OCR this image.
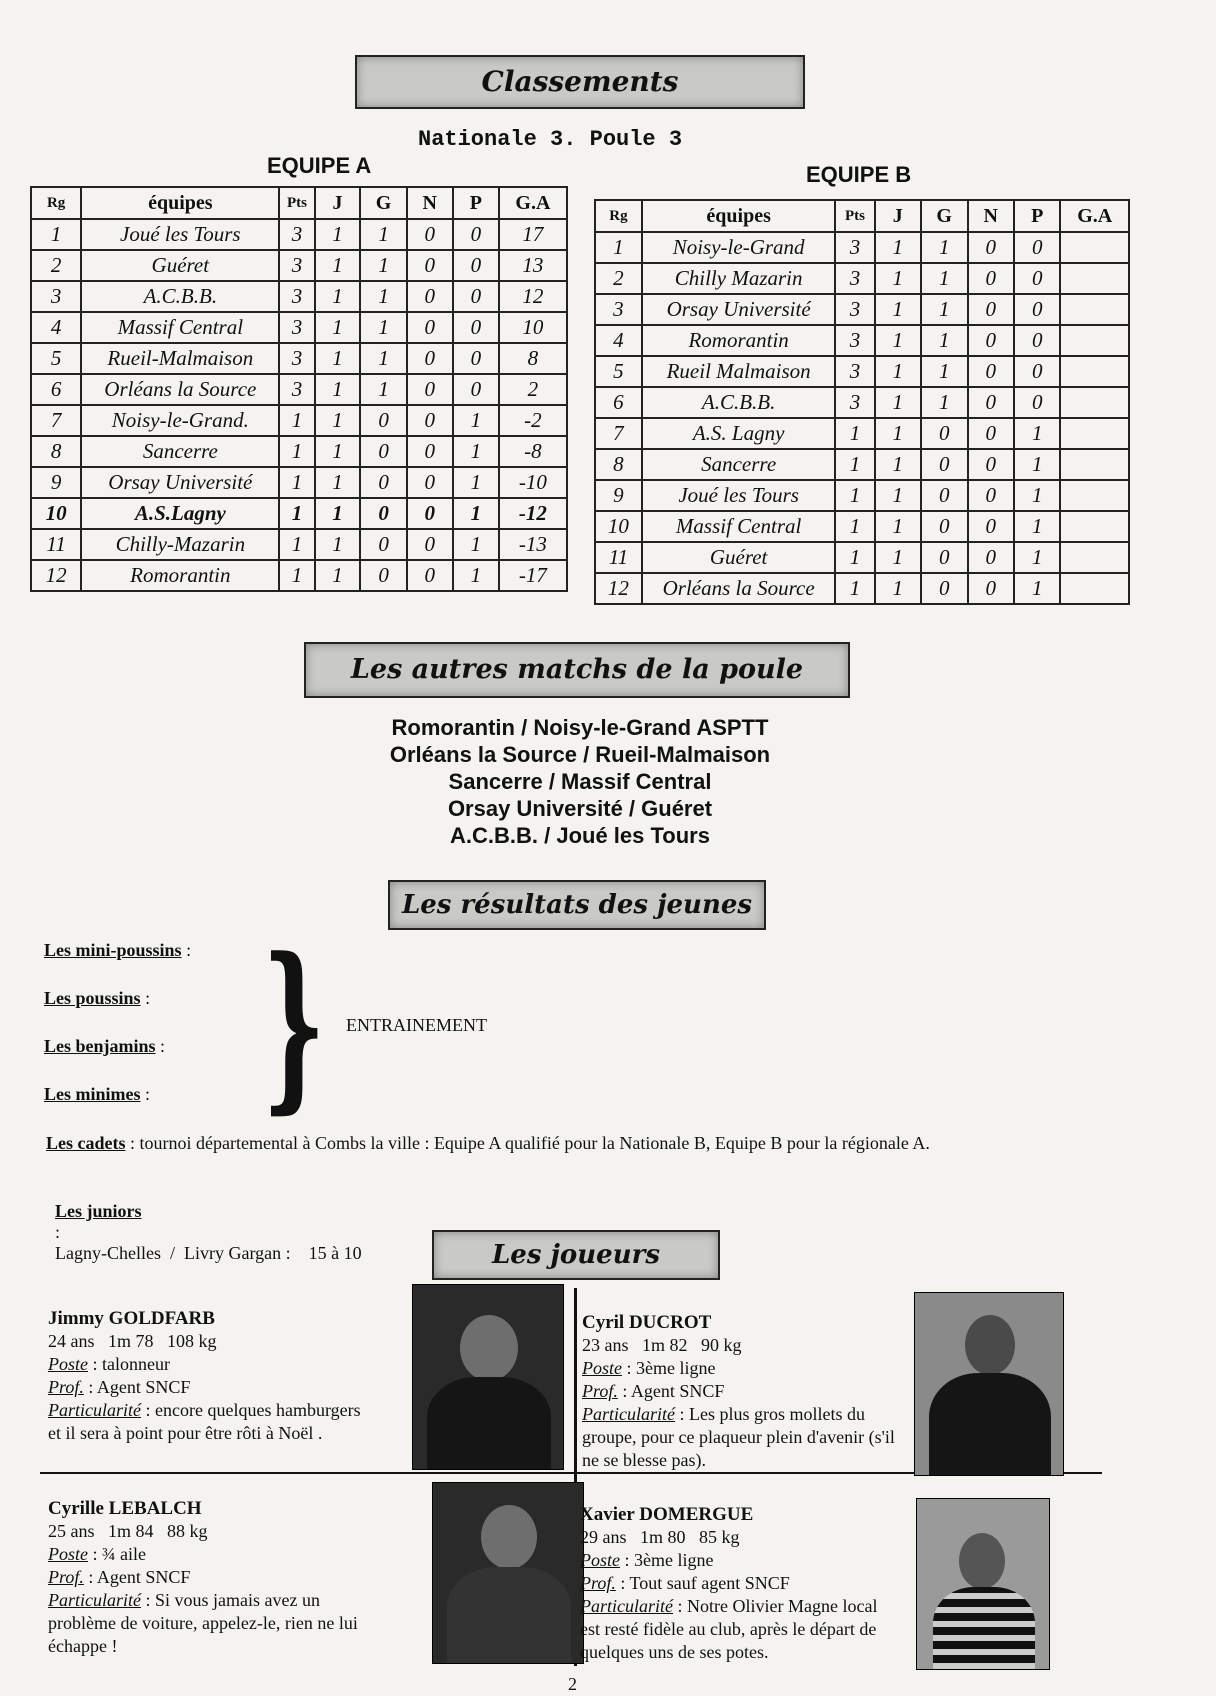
Classements
Nationale 3. Poule 3
EQUIPE A	EQUIPE B
Rg	équipes	Pts	J	G	N	P	G.A
1	Joué les Tours	3	1	1	0	0	17
2	Guéret	3	1	1	0	0	13
3	A.C.B.B.	3	1	1	0	0	12
4	Massif Central	3	1	1	0	0	10
5	Rueil-Malmaison	3	1	1	0	0	8
6	Orléans la Source	3	1	1	0	0	2
7	Noisy-le-Grand.	1	1	0	0	1	-2
8	Sancerre	1	1	0	0	1	-8
9	Orsay Université	1	1	0	0	1	-10
10	A.S.Lagny	1	1	0	0	1	-12
11	Chilly-Mazarin	1	1	0	0	1	-13
12	Romorantin	1	1	0	0	1	-17
Rg	équipes	Pts	J	G	N	P	G.A
1	Noisy-le-Grand	3	1	1	0	0	
2	Chilly Mazarin	3	1	1	0	0	
3	Orsay Université	3	1	1	0	0	
4	Romorantin	3	1	1	0	0	
5	Rueil Malmaison	3	1	1	0	0	
6	A.C.B.B.	3	1	1	0	0	
7	A.S. Lagny	1	1	0	0	1	
8	Sancerre	1	1	0	0	1	
9	Joué les Tours	1	1	0	0	1	
10	Massif Central	1	1	0	0	1	
11	Guéret	1	1	0	0	1	
12	Orléans la Source	1	1	0	0	1	
Les autres matchs de la poule
Romorantin / Noisy-le-Grand ASPTT
Orléans la Source / Rueil-Malmaison
Sancerre / Massif Central
Orsay Université / Guéret
A.C.B.B. / Joué les Tours
Les résultats des jeunes
Les mini-poussins :
Les poussins :
Les benjamins :
Les minimes : } ENTRAINEMENT
Les cadets : tournoi départemental à Combs la ville : Equipe A qualifié pour la Nationale B, Equipe B pour la régionale A.

Les juniors
:
Lagny-Chelles  /  Livry Gargan :    15 à 10	Les joueurs
Jimmy GOLDFARB
24 ans   1m 78   108 kg
Poste : talonneur
Prof. : Agent SNCF
Particularité : encore quelques hamburgers et il sera à point pour être rôti à Noël .
Cyril DUCROT
23 ans   1m 82   90 kg
Poste : 3ème ligne
Prof. : Agent SNCF
Particularité : Les plus gros mollets du groupe, pour ce plaqueur plein d'avenir (s'il ne se blesse pas).
Cyrille LEBALCH
25 ans   1m 84   88 kg
Poste : ¾ aile
Prof. : Agent SNCF
Particularité : Si vous jamais avez un problème de voiture, appelez-le, rien ne lui échappe !
Xavier DOMERGUE
29 ans   1m 80   85 kg
Poste : 3ème ligne
Prof. : Tout sauf agent SNCF
Particularité : Notre Olivier Magne local est resté fidèle au club, après le départ de quelques uns de ses potes.
2
